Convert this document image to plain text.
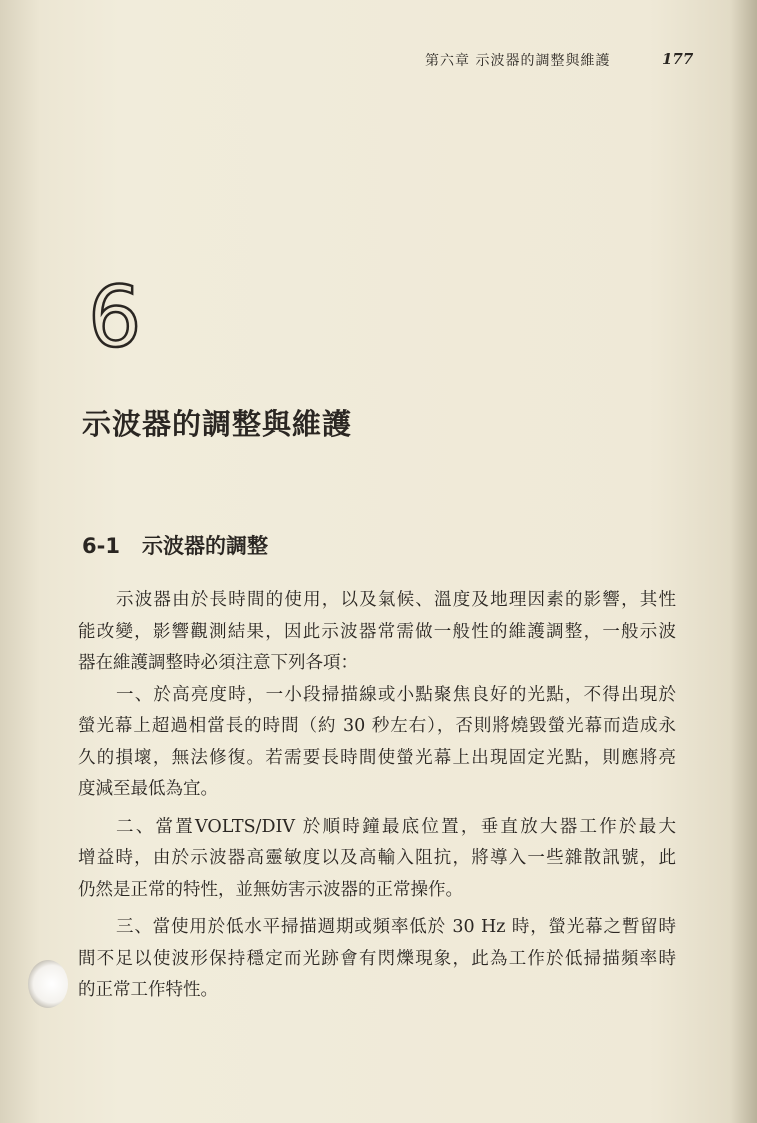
第六章 示波器的調整與維護	177
6
示波器的調整與維護
6-1 示波器的調整
示波器由於長時間的使用，以及氣候、溫度及地理因素的影響，其性
能改變，影響觀測結果，因此示波器常需做一般性的維護調整，一般示波
器在維護調整時必須注意下列各項：
一、於高亮度時，一小段掃描線或小點聚焦良好的光點，不得出現於
螢光幕上超過相當長的時間（約 30 秒左右），否則將燒毀螢光幕而造成永
久的損壞，無法修復。若需要長時間使螢光幕上出現固定光點，則應將亮
度減至最低為宜。
二、當置VOLTS/DIV 於順時鐘最底位置，垂直放大器工作於最大
增益時，由於示波器高靈敏度以及高輸入阻抗，將導入一些雜散訊號，此
仍然是正常的特性，並無妨害示波器的正常操作。
三、當使用於低水平掃描週期或頻率低於 30 Hz 時，螢光幕之暫留時
間不足以使波形保持穩定而光跡會有閃爍現象，此為工作於低掃描頻率時
的正常工作特性。
